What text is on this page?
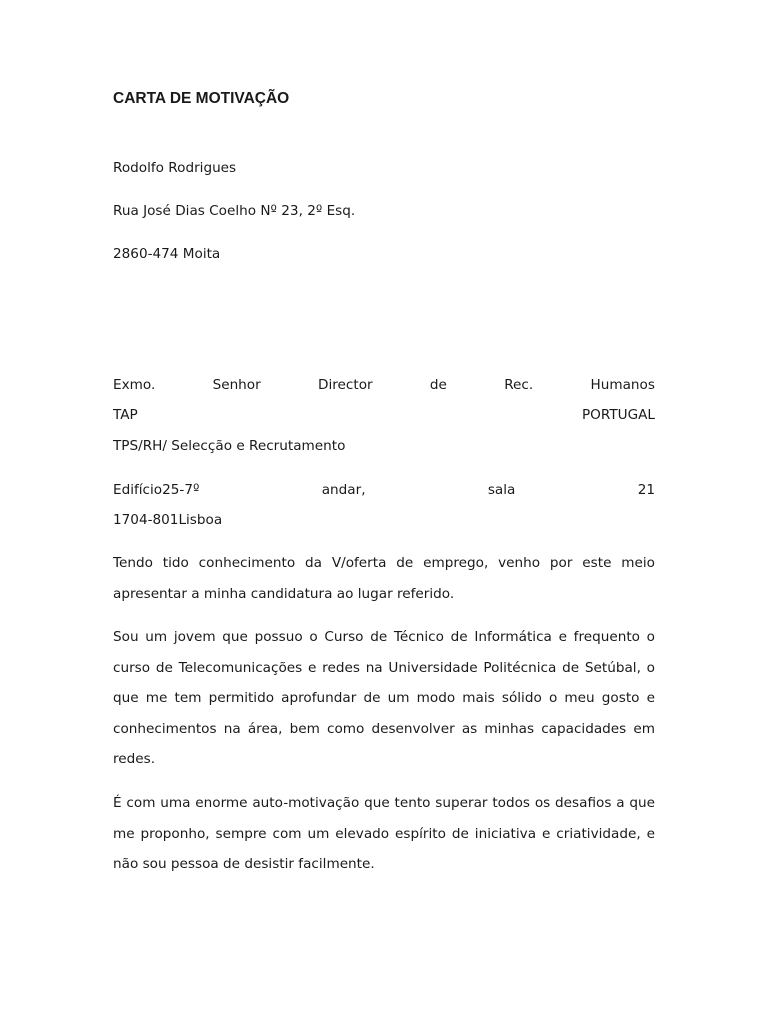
CARTA DE MOTIVAÇÃO
Rodolfo Rodrigues
Rua José Dias Coelho Nº 23, 2º Esq.
2860-474 Moita
Exmo.	Senhor	Director	de	Rec.	Humanos
TAP	PORTUGAL
TPS/RH/ Selecção e Recrutamento
Edifício25-7º	andar,	sala	21
1704-801Lisboa

Tendo tido conhecimento da V/oferta de emprego, venho por este meio apresentar a minha candidatura ao lugar referido.

Sou um jovem que possuo o Curso de Técnico de Informática e frequento o curso de Telecomunicações e redes na Universidade Politécnica de Setúbal, o que me tem permitido aprofundar de um modo mais sólido o meu gosto e conhecimentos na área, bem como desenvolver as minhas capacidades em redes.

É com uma enorme auto-motivação que tento superar todos os desafios a que me proponho, sempre com um elevado espírito de iniciativa e criatividade, e não sou pessoa de desistir facilmente.
